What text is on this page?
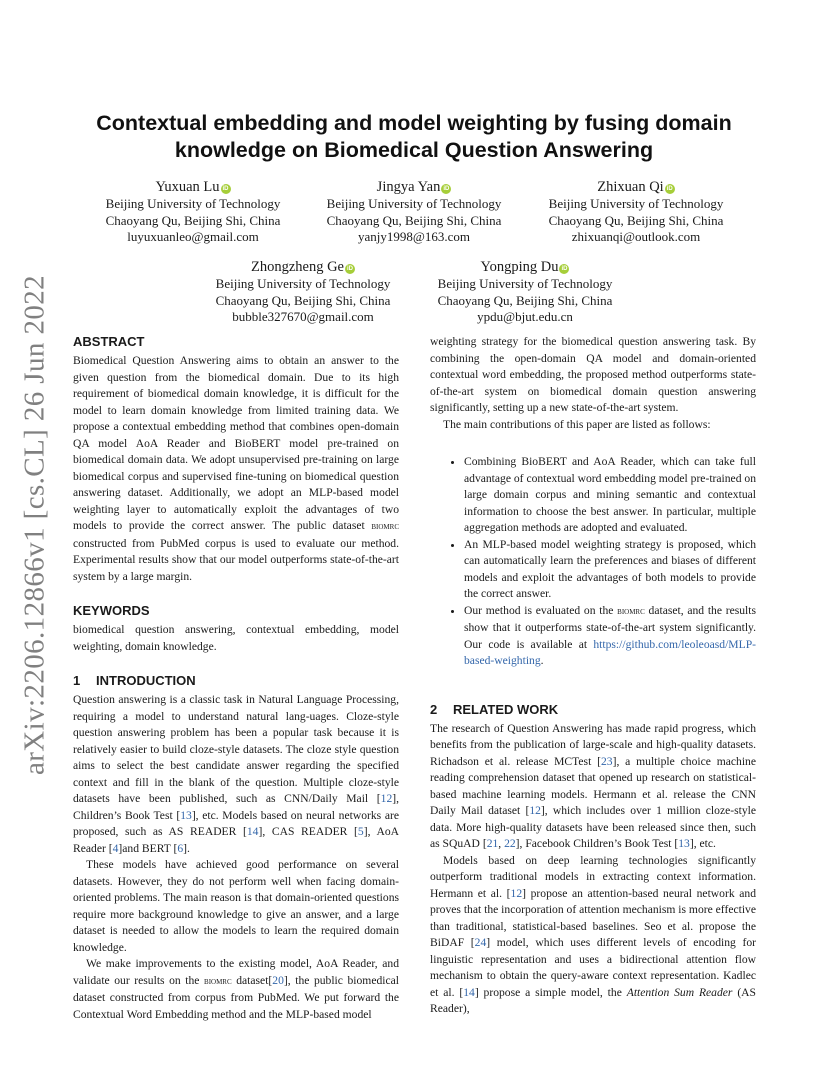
arXiv:2206.12866v1 [cs.CL] 26 Jun 2022
Contextual embedding and model weighting by fusing domain
knowledge on Biomedical Question Answering
Yuxuan Lu iD
Beijing University of Technology
Chaoyang Qu, Beijing Shi, China
luyuxuanleo@gmail.com
Jingya Yan iD
Beijing University of Technology
Chaoyang Qu, Beijing Shi, China
yanjy1998@163.com
Zhixuan Qi iD
Beijing University of Technology
Chaoyang Qu, Beijing Shi, China
zhixuanqi@outlook.com
Zhongzheng Ge iD
Beijing University of Technology
Chaoyang Qu, Beijing Shi, China
bubble327670@gmail.com
Yongping Du iD
Beijing University of Technology
Chaoyang Qu, Beijing Shi, China
ypdu@bjut.edu.cn

ABSTRACT

Biomedical Question Answering aims to obtain an answer to the given question from the biomedical domain. Due to its high requirement of biomedical domain knowledge, it is difficult for the model to learn domain knowledge from limited training data. We propose a contextual embedding method that combines open-domain QA model AoA Reader and BioBERT model pre-trained on biomedical domain data. We adopt unsupervised pre-training on large biomedical corpus and supervised fine-tuning on biomedical question answering dataset. Additionally, we adopt an MLP-based model weighting layer to automatically exploit the advantages of two models to provide the correct answer. The public dataset biomrc constructed from PubMed corpus is used to evaluate our method. Experimental results show that our model outperforms state-of-the-art system by a large margin.

KEYWORDS

biomedical question answering, contextual embedding, model weighting, domain knowledge.

1 INTRODUCTION

Question answering is a classic task in Natural Language Processing, requiring a model to understand natural lang-uages. Cloze-style question answering problem has been a popular task because it is relatively easier to build cloze-style datasets. The cloze style question aims to select the best candidate answer regarding the specified context and fill in the blank of the question. Multiple cloze-style datasets have been published, such as CNN/Daily Mail [12], Children’s Book Test [13], etc. Models based on neural networks are proposed, such as AS READER [14], CAS READER [5], AoA Reader [4]and BERT [6].

These models have achieved good performance on several datasets. However, they do not perform well when facing domain-oriented problems. The main reason is that domain-oriented questions require more background knowledge to give an answer, and a large dataset is needed to allow the models to learn the required domain knowledge.

We make improvements to the existing model, AoA Reader, and validate our results on the biomrc dataset[20], the public biomedical dataset constructed from corpus from PubMed. We put forward the Contextual Word Embedding method and the MLP-based model

weighting strategy for the biomedical question answering task. By combining the open-domain QA model and domain-oriented contextual word embedding, the proposed method outperforms state-of-the-art system on biomedical domain question answering significantly, setting up a new state-of-the-art system.

The main contributions of this paper are listed as follows:

• Combining BioBERT and AoA Reader, which can take full advantage of contextual word embedding model pre-trained on large domain corpus and mining semantic and contextual information to choose the best answer. In particular, multiple aggregation methods are adopted and evaluated.
• An MLP-based model weighting strategy is proposed, which can automatically learn the preferences and biases of different models and exploit the advantages of both models to provide the correct answer.
• Our method is evaluated on the biomrc dataset, and the results show that it outperforms state-of-the-art system significantly. Our code is available at https://github.com/leoleoasd/MLP-based-weighting.

2 RELATED WORK

The research of Question Answering has made rapid progress, which benefits from the publication of large-scale and high-quality datasets. Richadson et al. release MCTest [23], a multiple choice machine reading comprehension dataset that opened up research on statistical-based machine learning models. Hermann et al. release the CNN Daily Mail dataset [12], which includes over 1 million cloze-style data. More high-quality datasets have been released since then, such as SQuAD [21, 22], Facebook Children’s Book Test [13], etc.

Models based on deep learning technologies significantly outperform traditional models in extracting context information. Hermann et al. [12] propose an attention-based neural network and proves that the incorporation of attention mechanism is more effective than traditional, statistical-based baselines. Seo et al. propose the BiDAF [24] model, which uses different levels of encoding for linguistic representation and uses a bidirectional attention flow mechanism to obtain the query-aware context representation. Kadlec et al. [14] propose a simple model, the Attention Sum Reader (AS Reader),
